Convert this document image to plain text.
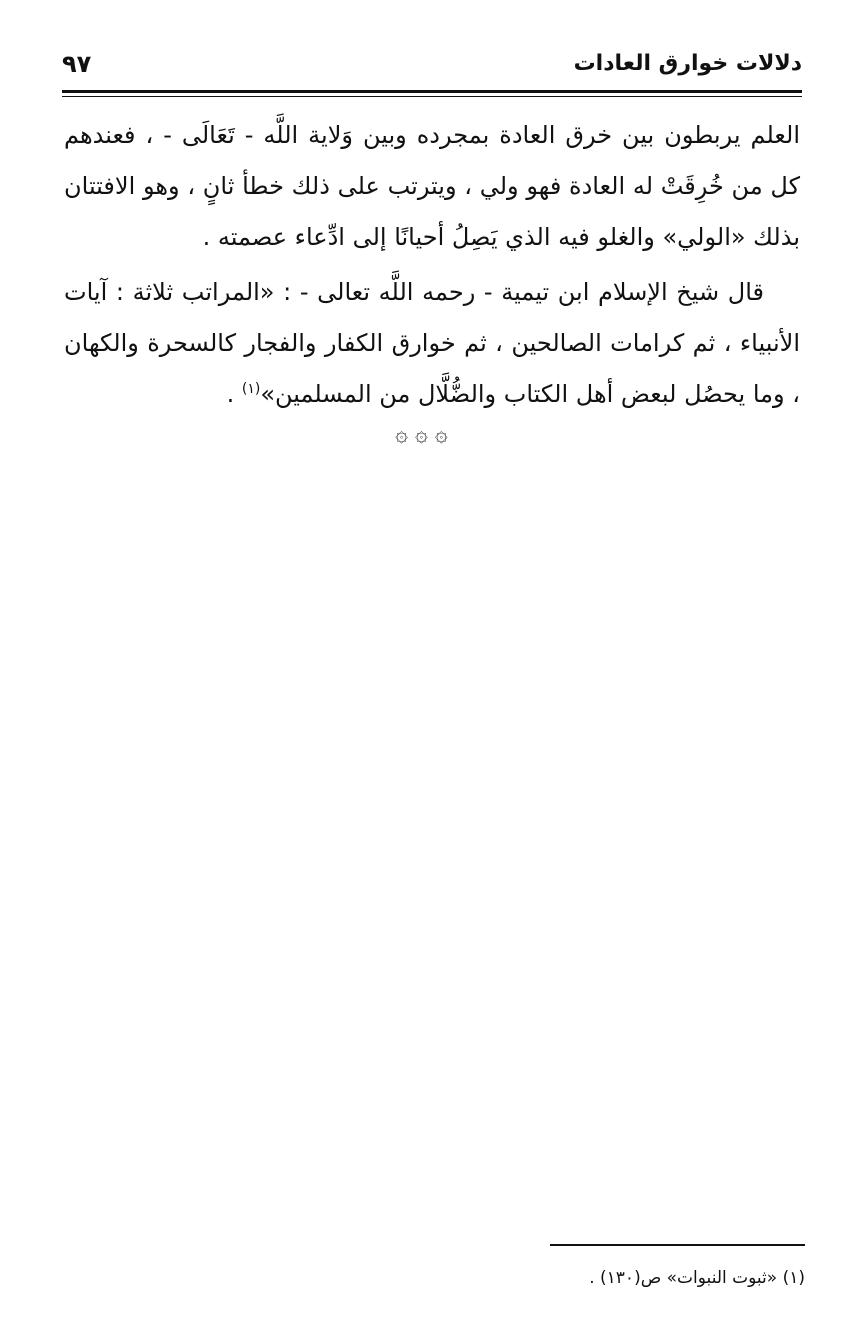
دلالات خوارق العادات
٩٧

العلم يربطون بين خرق العادة بمجرده وبين وَلاية اللَّه - تَعَالَى - ، فعندهم كل من خُرِقَتْ له العادة فهو ولي ، ويترتب على ذلك خطأ ثانٍ ، وهو الافتتان بذلك «الولي» والغلو فيه الذي يَصِلُ أحيانًا إلى ادِّعاء عصمته .

قال شيخ الإسلام ابن تيمية - رحمه اللَّه تعالى - : «المراتب ثلاثة : آيات الأنبياء ، ثم كرامات الصالحين ، ثم خوارق الكفار والفجار كالسحرة والكهان ، وما يحصُل لبعض أهل الكتاب والضُّلَّال من المسلمين»$^{(١)}$ .

۞ ۞ ۞
(١) «ثبوت النبوات» ص(١٣٠) .
